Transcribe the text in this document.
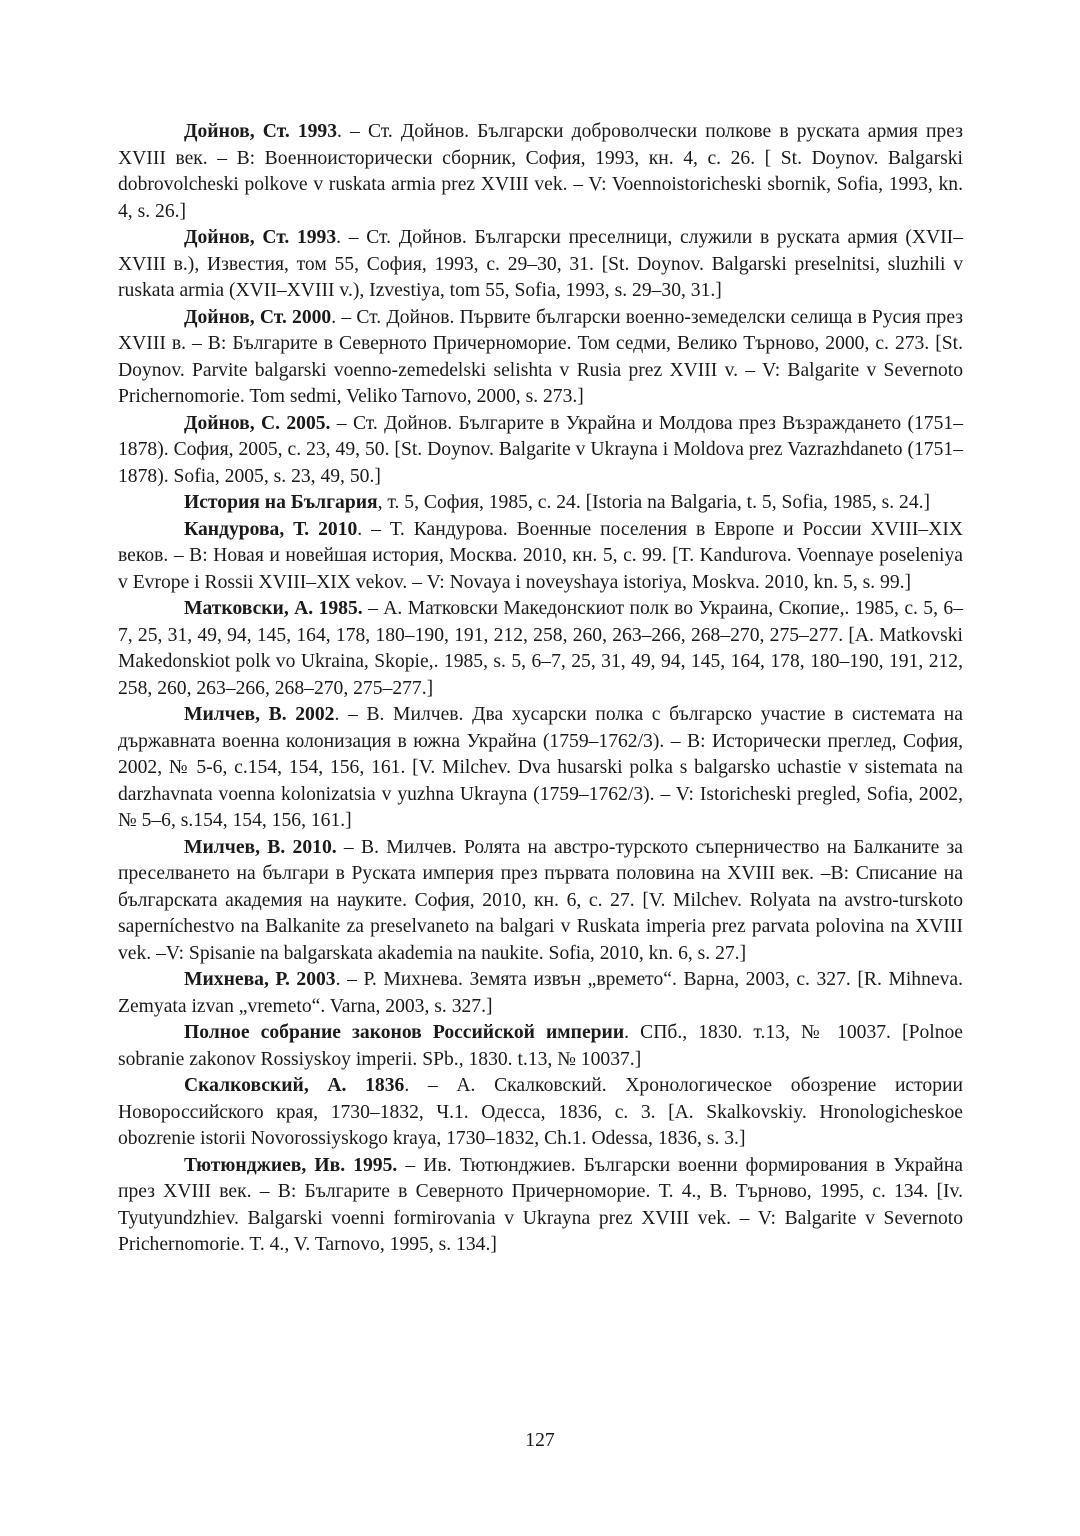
Дойнов, Ст. 1993. – Ст. Дойнов. Български доброволчески полкове в руската армия през XVIII век. – В: Военноисторически сборник, София, 1993, кн. 4, с. 26. [ St. Doynov. Balgarski dobrovolcheski polkove v ruskata armia prez XVIII vek. – V: Voennoistoricheski sbornik, Sofia, 1993, kn. 4, s. 26.]

Дойнов, Ст. 1993. – Ст. Дойнов. Български преселници, служили в руската армия (XVII–XVIII в.), Известия, том 55, София, 1993, с. 29–30, 31. [St. Doynov. Balgarski preselnitsi, sluzhili v ruskata armia (XVII–XVIII v.), Izvestiya, tom 55, Sofia, 1993, s. 29–30, 31.]

Дойнов, Ст. 2000. – Ст. Дойнов. Първите български военно-земеделски селища в Русия през XVIII в. – В: Българите в Северното Причерноморие. Том седми, Велико Търново, 2000, с. 273. [St. Doynov. Parvite balgarski voenno-zemedelski selishta v Rusia prez XVIII v. – V: Balgarite v Severnoto Prichernomorie. Tom sedmi, Veliko Tarnovo, 2000, s. 273.]

Дойнов, С. 2005. – Ст. Дойнов. Българите в Украйна и Молдова през Възраждането (1751–1878). София, 2005, с. 23, 49, 50. [St. Doynov. Balgarite v Ukrayna i Moldova prez Vazrazhdaneto (1751–1878). Sofia, 2005, s. 23, 49, 50.]

История на България, т. 5, София, 1985, с. 24. [Istoria na Balgaria, t. 5, Sofia, 1985, s. 24.]

Кандурова, Т. 2010. – Т. Кандурова. Военные поселения в Европе и России XVIII–XIX веков. – В: Новая и новейшая история, Москва. 2010, кн. 5, с. 99. [T. Kandurova. Voennaye poseleniya v Evrope i Rossii XVIII–XIX vekov. – V: Novaya i noveyshaya istoriya, Moskva. 2010, kn. 5, s. 99.]

Матковски, А. 1985. – А. Матковски Македонскиот полк во Украина, Скопие,. 1985, с. 5, 6–7, 25, 31, 49, 94, 145, 164, 178, 180–190, 191, 212, 258, 260, 263–266, 268–270, 275–277. [A. Matkovski Makedonskiot polk vo Ukraina, Skopie,. 1985, s. 5, 6–7, 25, 31, 49, 94, 145, 164, 178, 180–190, 191, 212, 258, 260, 263–266, 268–270, 275–277.]

Милчев, В. 2002. – В. Милчев. Два хусарски полка с българско участие в системата на държавната военна колонизация в южна Украйна (1759–1762/3). – В: Исторически преглед, София, 2002, № 5-6, с.154, 154, 156, 161. [V. Milchev. Dva husarski polka s balgarsko uchastie v sistemata na darzhavnata voenna kolonizatsia v yuzhna Ukrayna (1759–1762/3). – V: Istoricheski pregled, Sofia, 2002, № 5–6, s.154, 154, 156, 161.]

Милчев, В. 2010. – В. Милчев. Ролята на австро-турското съперничество на Балканите за преселването на българи в Руската империя през първата половина на XVIII век. –В: Списание на българската академия на науките. София, 2010, кн. 6, с. 27. [V. Milchev. Rolyata na avstro-turskoto saperníchestvo na Balkanite za preselvaneto na balgari v Ruskata imperia prez parvata polovina na XVIII vek. –V: Spisanie na balgarskata akademia na naukite. Sofia, 2010, kn. 6, s. 27.]

Михнева, Р. 2003. – Р. Михнева. Земята извън „времето“. Варна, 2003, с. 327. [R. Mihneva. Zemyata izvan „vremeto“. Varna, 2003, s. 327.]

Полное собрание законов Российской империи. СПб., 1830. т.13, № 10037. [Polnoe sobranie zakonov Rossiyskoy imperii. SPb., 1830. t.13, № 10037.]

Скалковский, А. 1836. – А. Скалковский. Хронологическое обозрение истории Новороссийского края, 1730–1832, Ч.1. Одесса, 1836, с. 3. [A. Skalkovskiy. Hronologicheskoe obozrenie istorii Novorossiyskogo kraya, 1730–1832, Ch.1. Odessa, 1836, s. 3.]

Тютюнджиев, Ив. 1995. – Ив. Тютюнджиев. Български военни формирования в Украйна през XVIII век. – В: Българите в Северното Причерноморие. Т. 4., В. Търново, 1995, с. 134. [Iv. Tyutyundzhiev. Balgarski voenni formirovania v Ukrayna prez XVIII vek. – V: Balgarite v Severnoto Prichernomorie. T. 4., V. Tarnovo, 1995, s. 134.]

127
